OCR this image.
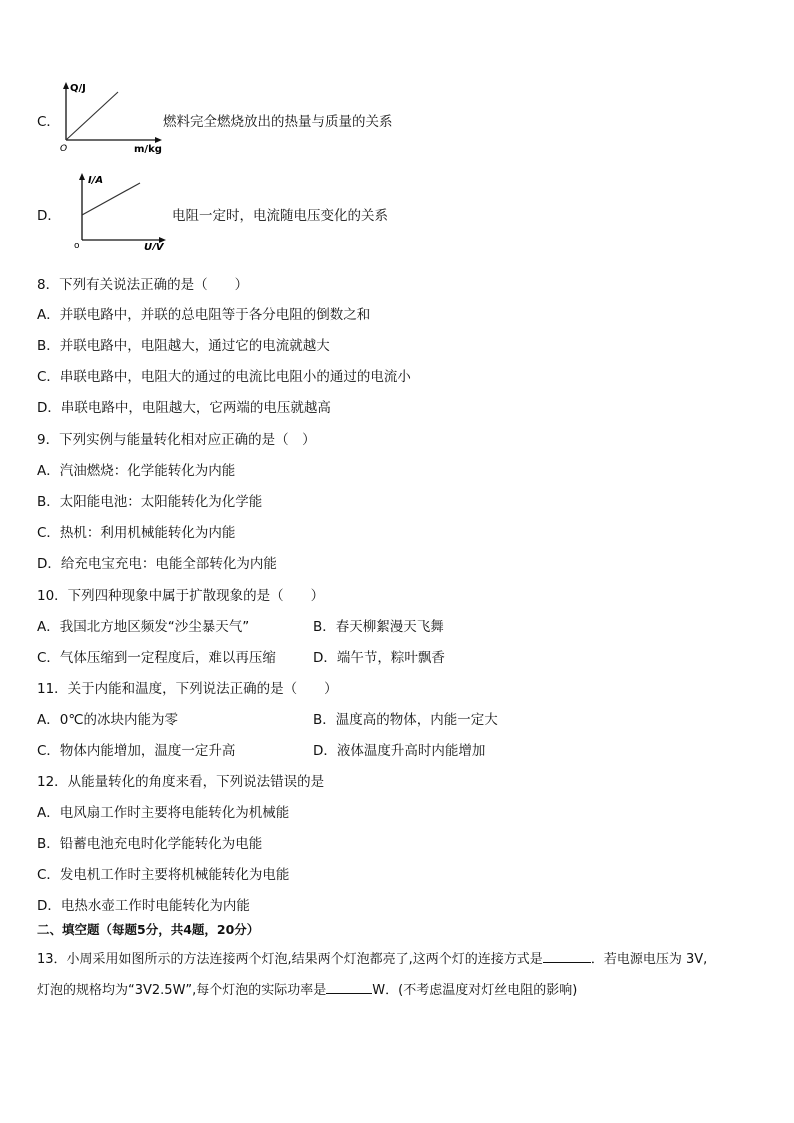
C．
Q/J
m/kg
O
燃料完全燃烧放出的热量与质量的关系
D．
I/A
U/V
o
电阻一定时，电流随电压变化的关系
8．下列有关说法正确的是（　　）
A．并联电路中，并联的总电阻等于各分电阻的倒数之和
B．并联电路中，电阻越大，通过它的电流就越大
C．串联电路中，电阻大的通过的电流比电阻小的通过的电流小
D．串联电路中，电阻越大，它两端的电压就越高
9．下列实例与能量转化相对应正确的是（　）
A．汽油燃烧：化学能转化为内能
B．太阳能电池：太阳能转化为化学能
C．热机：利用机械能转化为内能
D．给充电宝充电：电能全部转化为内能
10．下列四种现象中属于扩散现象的是（　　）
A．我国北方地区频发“沙尘暴天气”	B．春天柳絮漫天飞舞
C．气体压缩到一定程度后，难以再压缩	D．端午节，粽叶飘香
11．关于内能和温度，下列说法正确的是（　　）
A．0℃的冰块内能为零	B．温度高的物体，内能一定大
C．物体内能增加，温度一定升高	D．液体温度升高时内能增加
12．从能量转化的角度来看，下列说法错误的是
A．电风扇工作时主要将电能转化为机械能
B．铅蓄电池充电时化学能转化为电能
C．发电机工作时主要将机械能转化为电能
D．电热水壶工作时电能转化为内能
二、填空题（每题5分，共4题，20分）
13．小周采用如图所示的方法连接两个灯泡,结果两个灯泡都亮了,这两个灯的连接方式是	．若电源电压为 3V,
灯泡的规格均为“3V2.5W”,每个灯泡的实际功率是	W．(不考虑温度对灯丝电阻的影响)
